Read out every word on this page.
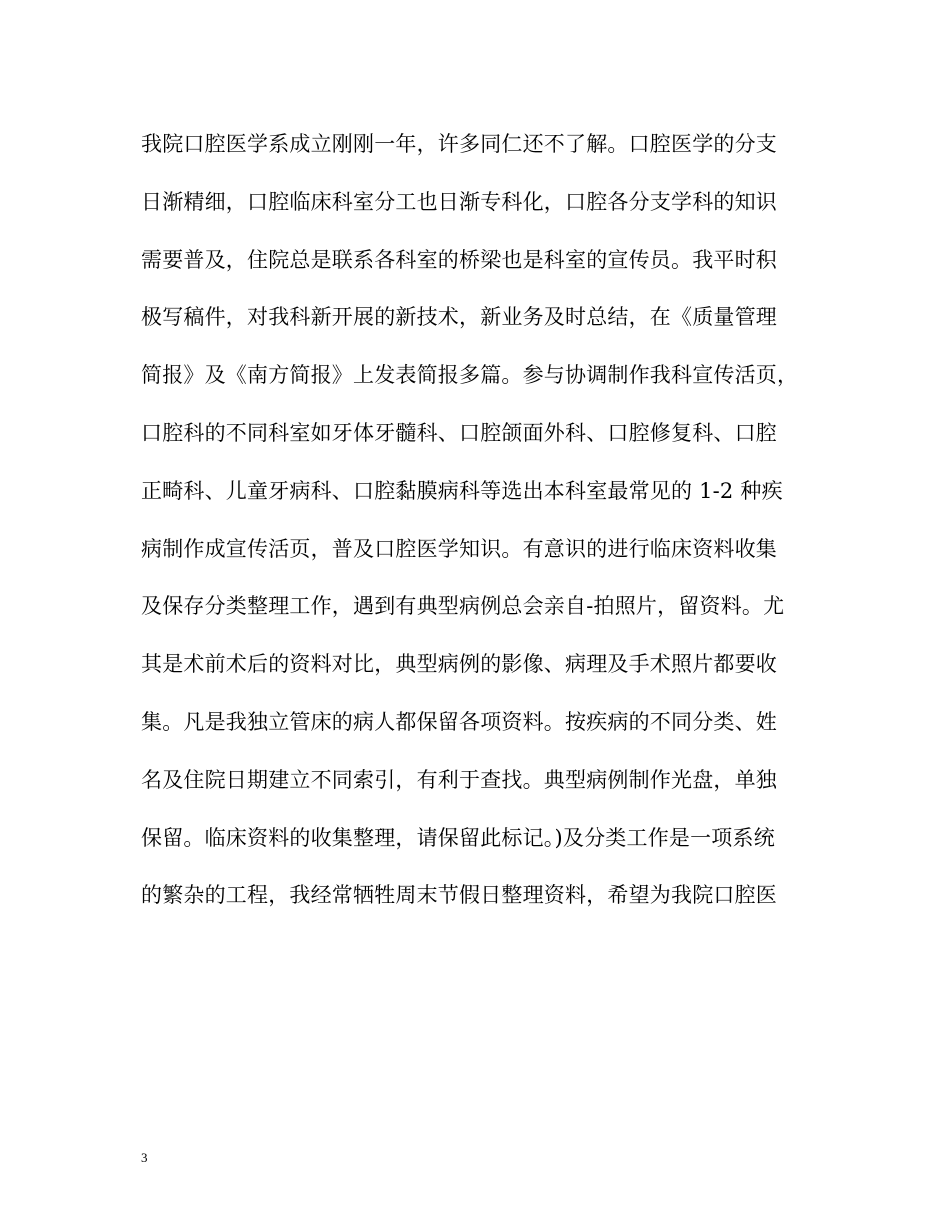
我院口腔医学系成立刚刚一年，许多同仁还不了解。口腔医学的分支
日渐精细，口腔临床科室分工也日渐专科化，口腔各分支学科的知识
需要普及，住院总是联系各科室的桥梁也是科室的宣传员。我平时积
极写稿件，对我科新开展的新技术，新业务及时总结，在《质量管理
简报》及《南方简报》上发表简报多篇。参与协调制作我科宣传活页，
口腔科的不同科室如牙体牙髓科、口腔颌面外科、口腔修复科、口腔
正畸科、儿童牙病科、口腔黏膜病科等选出本科室最常见的 1-2 种疾
病制作成宣传活页，普及口腔医学知识。有意识的进行临床资料收集
及保存分类整理工作，遇到有典型病例总会亲自-拍照片，留资料。尤
其是术前术后的资料对比，典型病例的影像、病理及手术照片都要收
集。凡是我独立管床的病人都保留各项资料。按疾病的不同分类、姓
名及住院日期建立不同索引，有利于查找。典型病例制作光盘，单独
保留。临床资料的收集整理，请保留此标记。)及分类工作是一项系统
的繁杂的工程，我经常牺牲周末节假日整理资料，希望为我院口腔医
3
